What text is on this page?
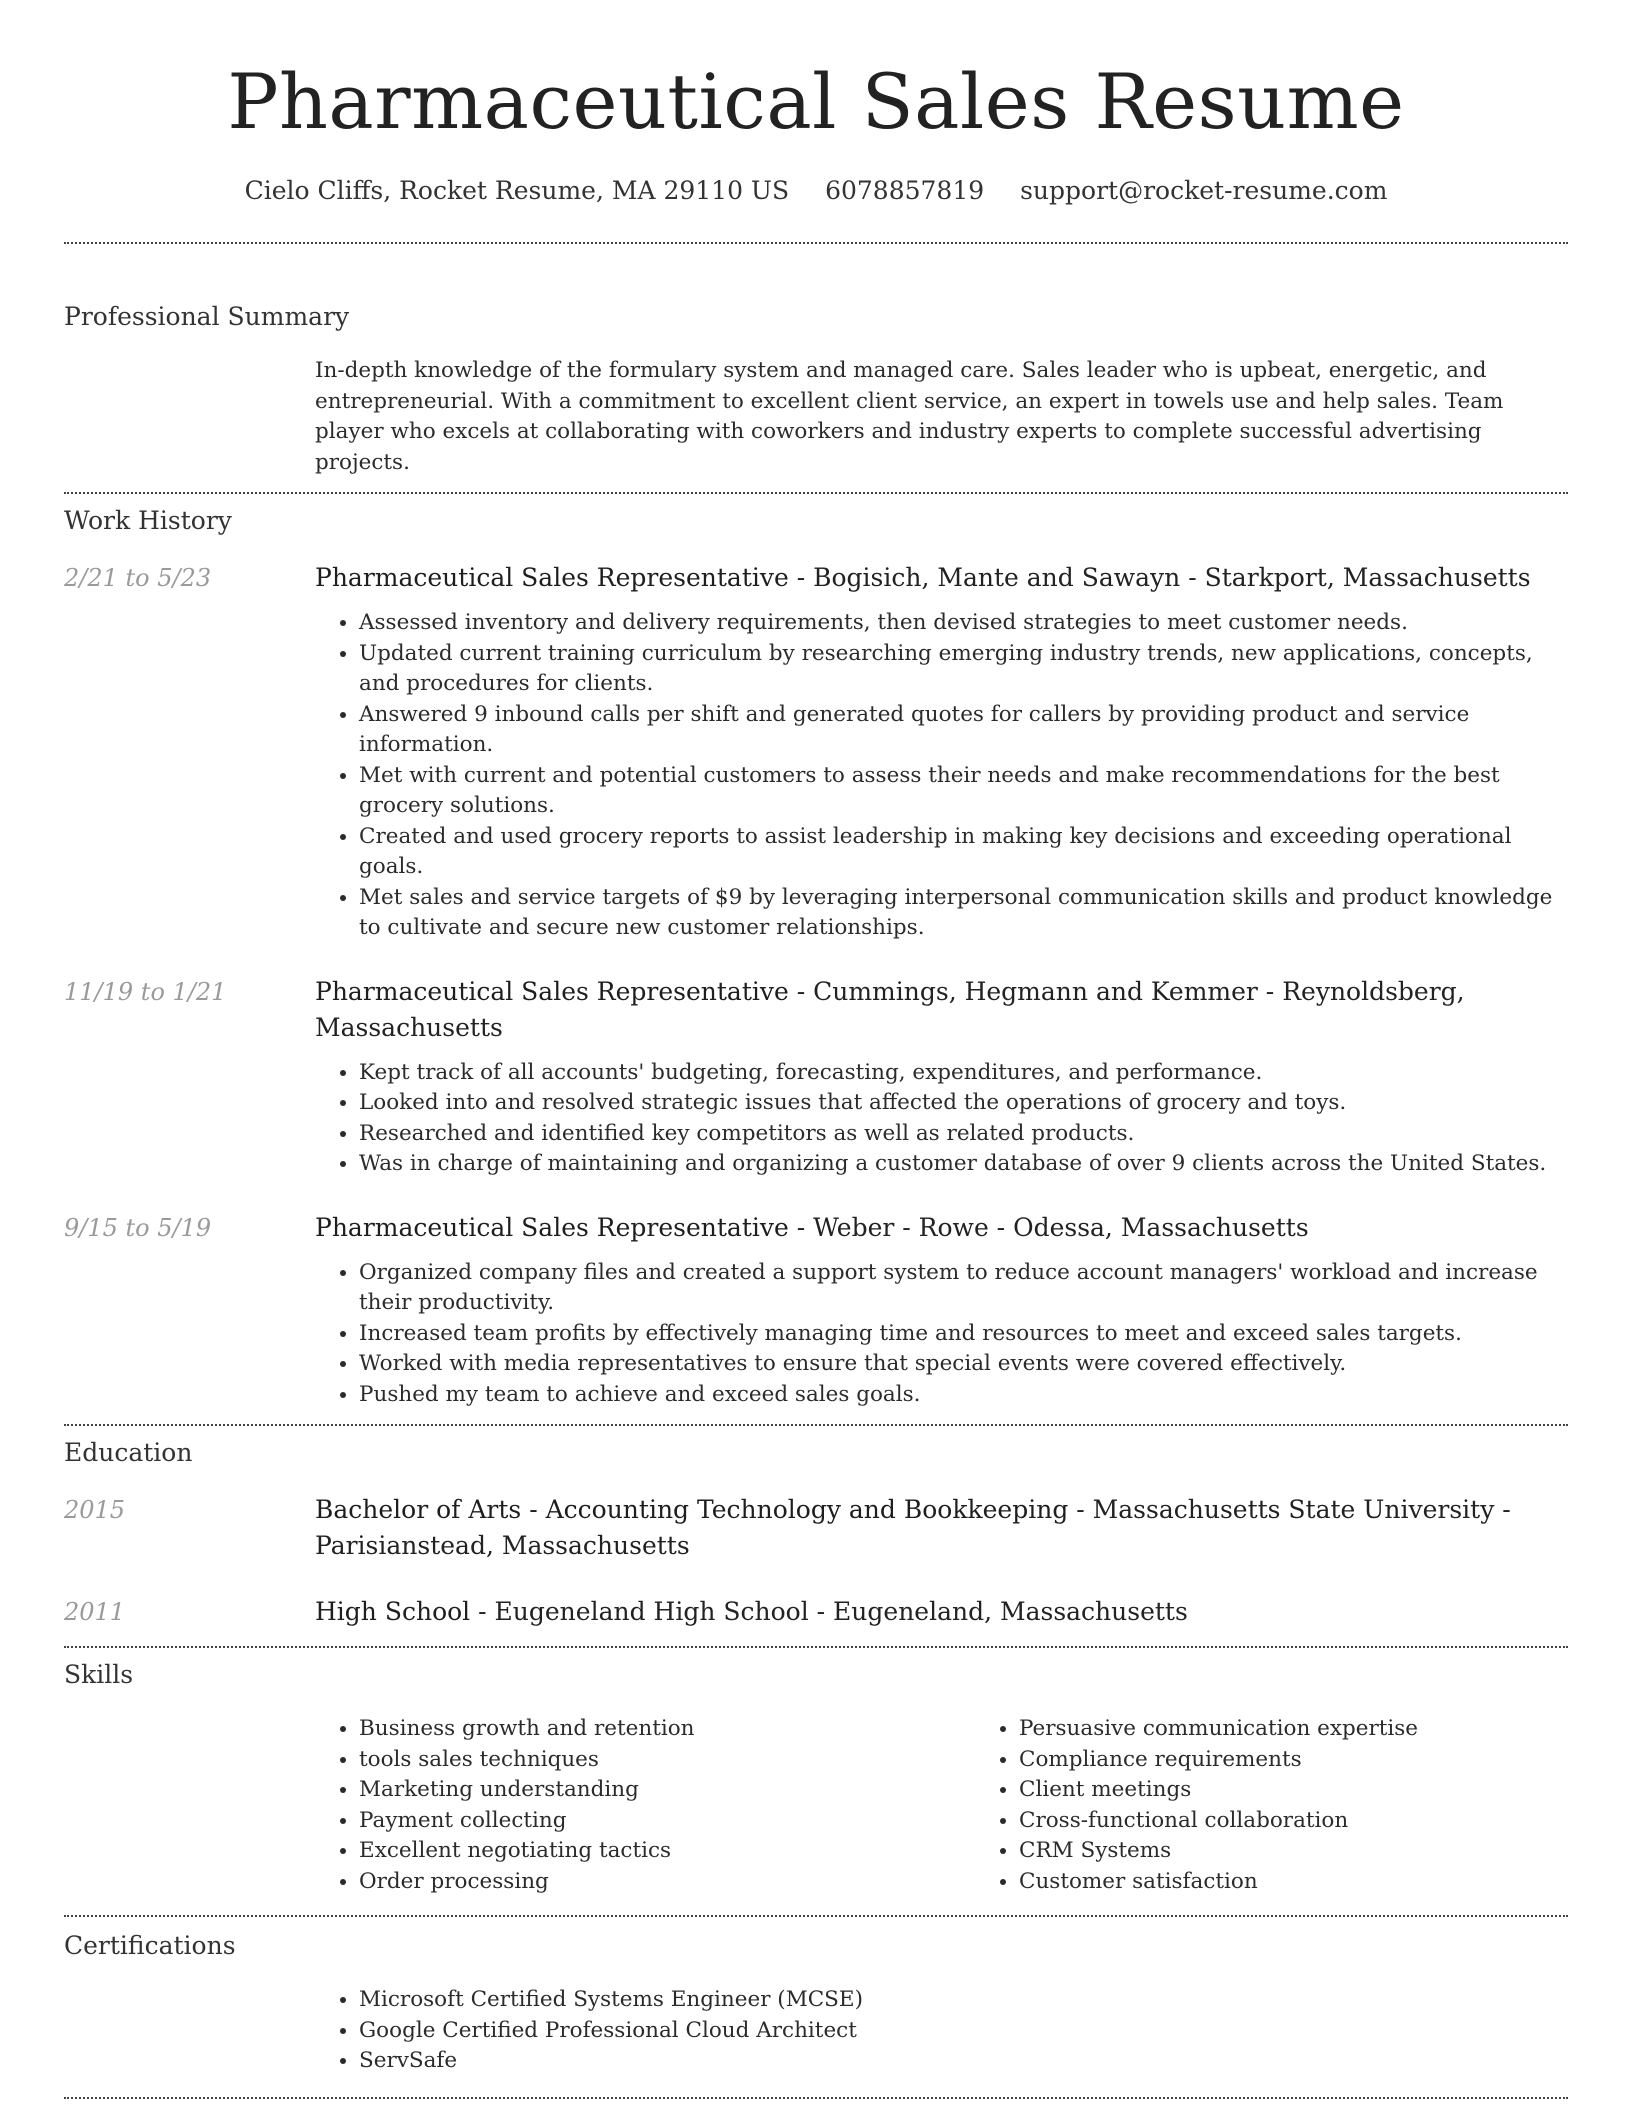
Pharmaceutical Sales Resume
Cielo Cliffs, Rocket Resume, MA 29110 US 6078857819 support@rocket-resume.com
Professional Summary

In-depth knowledge of the formulary system and managed care. Sales leader who is upbeat, energetic, and entrepreneurial. With a commitment to excellent client service, an expert in towels use and help sales. Team player who excels at collaborating with coworkers and industry experts to complete successful advertising projects.

Work History
2/21 to 5/23	Pharmaceutical Sales Representative - Bogisich, Mante and Sawayn - Starkport, Massachusetts
• Assessed inventory and delivery requirements, then devised strategies to meet customer needs.
• Updated current training curriculum by researching emerging industry trends, new applications, concepts, and procedures for clients.
• Answered 9 inbound calls per shift and generated quotes for callers by providing product and service information.
• Met with current and potential customers to assess their needs and make recommendations for the best grocery solutions.
• Created and used grocery reports to assist leadership in making key decisions and exceeding operational goals.
• Met sales and service targets of $9 by leveraging interpersonal communication skills and product knowledge to cultivate and secure new customer relationships.
11/19 to 1/21	Pharmaceutical Sales Representative - Cummings, Hegmann and Kemmer - Reynoldsberg, Massachusetts
• Kept track of all accounts' budgeting, forecasting, expenditures, and performance.
• Looked into and resolved strategic issues that affected the operations of grocery and toys.
• Researched and identified key competitors as well as related products.
• Was in charge of maintaining and organizing a customer database of over 9 clients across the United States.
9/15 to 5/19	Pharmaceutical Sales Representative - Weber - Rowe - Odessa, Massachusetts
• Organized company files and created a support system to reduce account managers' workload and increase their productivity.
• Increased team profits by effectively managing time and resources to meet and exceed sales targets.
• Worked with media representatives to ensure that special events were covered effectively.
• Pushed my team to achieve and exceed sales goals.
Education
2015	Bachelor of Arts - Accounting Technology and Bookkeeping - Massachusetts State University - Parisianstead, Massachusetts
2011	High School - Eugeneland High School - Eugeneland, Massachusetts
Skills
• Business growth and retention
• tools sales techniques
• Marketing understanding
• Payment collecting
• Excellent negotiating tactics
• Order processing
• Persuasive communication expertise
• Compliance requirements
• Client meetings
• Cross-functional collaboration
• CRM Systems
• Customer satisfaction
Certifications
• Microsoft Certified Systems Engineer (MCSE)
• Google Certified Professional Cloud Architect
• ServSafe
